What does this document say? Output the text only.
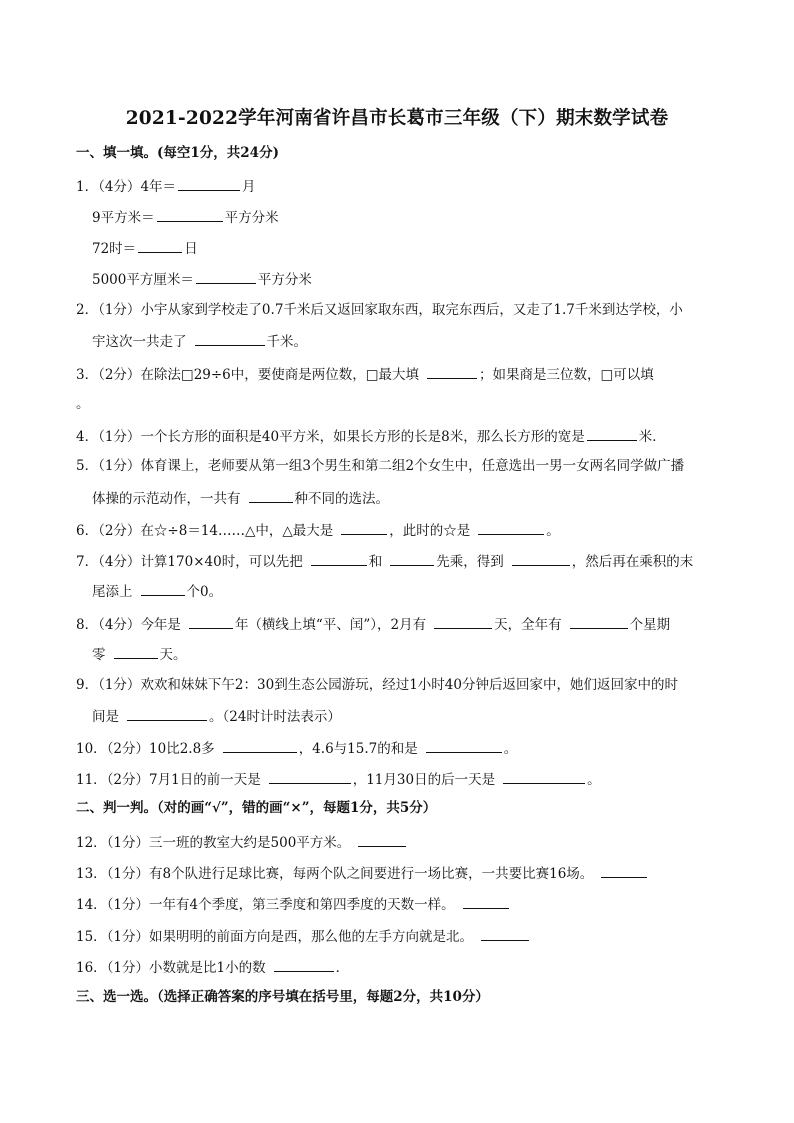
2021-2022学年河南省许昌市长葛市三年级（下）期末数学试卷
一、填一填。(每空1分，共24分)
1．（4分）4年＝	月
9平方米＝	平方分米
72时＝	日
5000平方厘米＝	平方分米
2．（1分）小宇从家到学校走了0.7千米后又返回家取东西，取完东西后，又走了1.7千米到达学校，小
宇这次一共走了	千米。
3．（2分）在除法□29÷6中，要使商是两位数，□最大填	；如果商是三位数，□可以填
。
4．（1分）一个长方形的面积是40平方米，如果长方形的长是8米，那么长方形的宽是	米．
5．（1分）体育课上，老师要从第一组3个男生和第二组2个女生中，任意选出一男一女两名同学做广播
体操的示范动作，一共有	种不同的选法。
6．（2分）在☆÷8＝14……△中，△最大是	，此时的☆是	。
7．（4分）计算170×40时，可以先把	和	先乘，得到	，然后再在乘积的末
尾添上	个0。
8．（4分）今年是	年（横线上填“平、闰”），2月有	天，全年有	个星期
零	天。
9．（1分）欢欢和妹妹下午2：30到生态公园游玩，经过1小时40分钟后返回家中，她们返回家中的时
间是	。（24时计时法表示）
10．（2分）10比2.8多	，4.6与15.7的和是	。
11．（2分）7月1日的前一天是	，11月30日的后一天是	。
二、判一判。（对的画“√”，错的画“×”，每题1分，共5分）
12．（1分）三一班的教室大约是500平方米。
13．（1分）有8个队进行足球比赛，每两个队之间要进行一场比赛，一共要比赛16场。
14．（1分）一年有4个季度，第三季度和第四季度的天数一样。
15．（1分）如果明明的前面方向是西，那么他的左手方向就是北。
16．（1分）小数就是比1小的数	．
三、选一选。（选择正确答案的序号填在括号里，每题2分，共10分）
